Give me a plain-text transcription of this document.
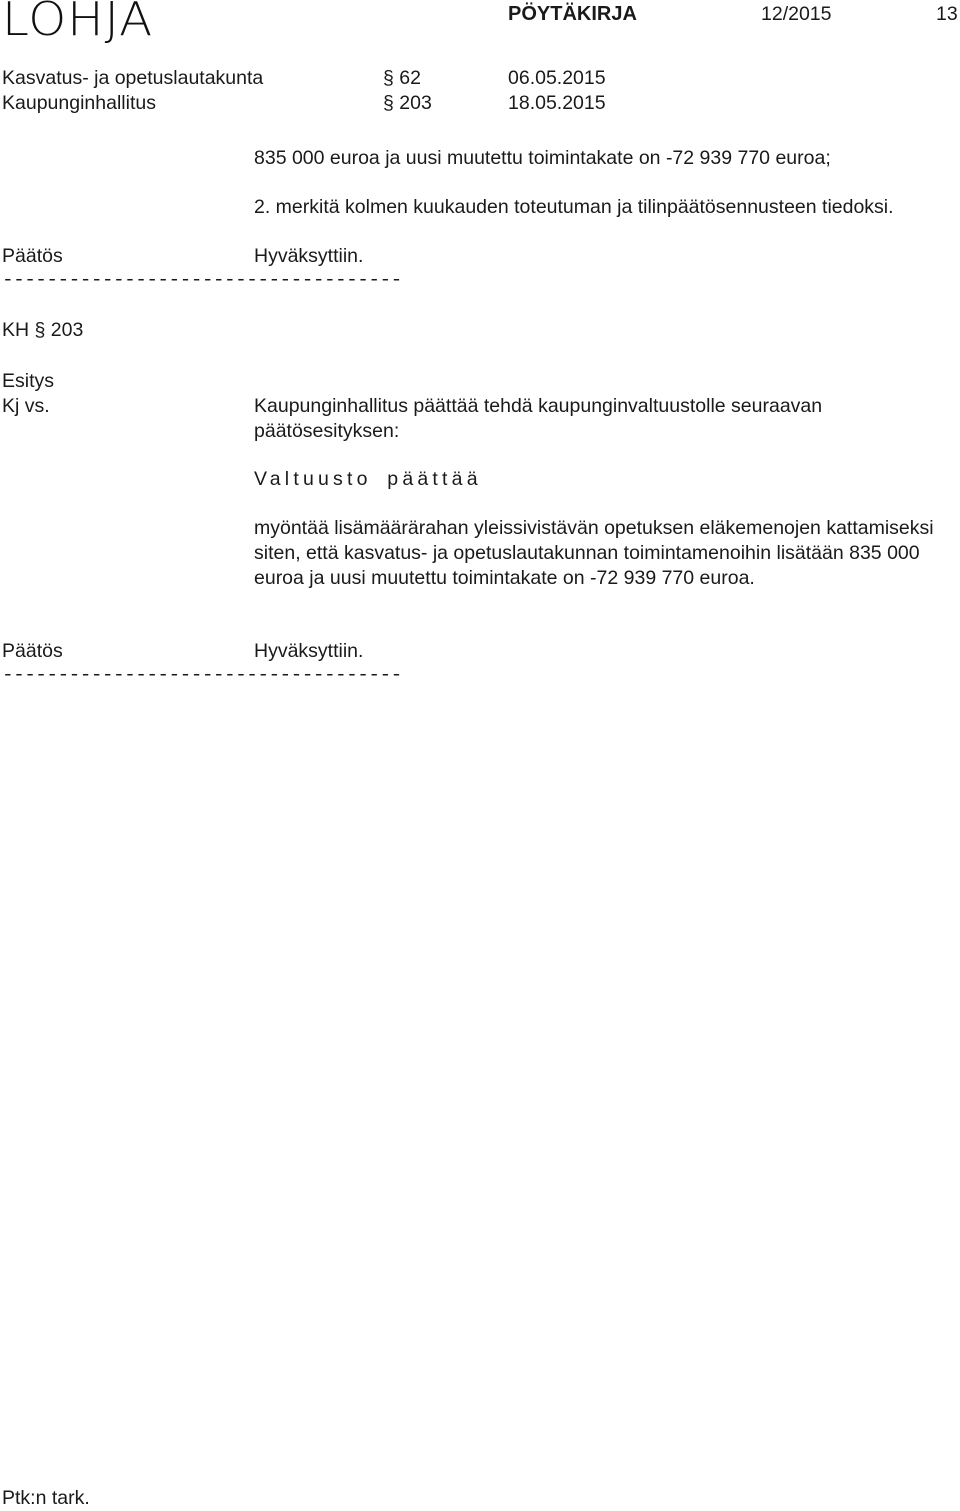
LOHJA	PÖYTÄKIRJA	12/2015	13
Kasvatus- ja opetuslautakunta	§ 62	06.05.2015
Kaupunginhallitus	§ 203	18.05.2015
835 000 euroa ja uusi muutettu toimintakate on -72 939 770 euroa;
2. merkitä kolmen kuukauden toteutuman ja tilinpäätösennusteen tiedoksi.
Päätös	Hyväksyttiin.
------------------------------------
KH § 203
Esitys
Kj vs.	Kaupunginhallitus päättää tehdä kaupunginvaltuustolle seuraavan päätösesityksen:
Valtuusto päättää
myöntää lisämäärärahan yleissivistävän opetuksen eläkemenojen kattamiseksi siten, että kasvatus- ja opetuslautakunnan toimintamenoihin lisätään 835 000 euroa ja uusi muutettu toimintakate on -72 939 770 euroa.
Päätös	Hyväksyttiin.
------------------------------------
Ptk:n tark.
